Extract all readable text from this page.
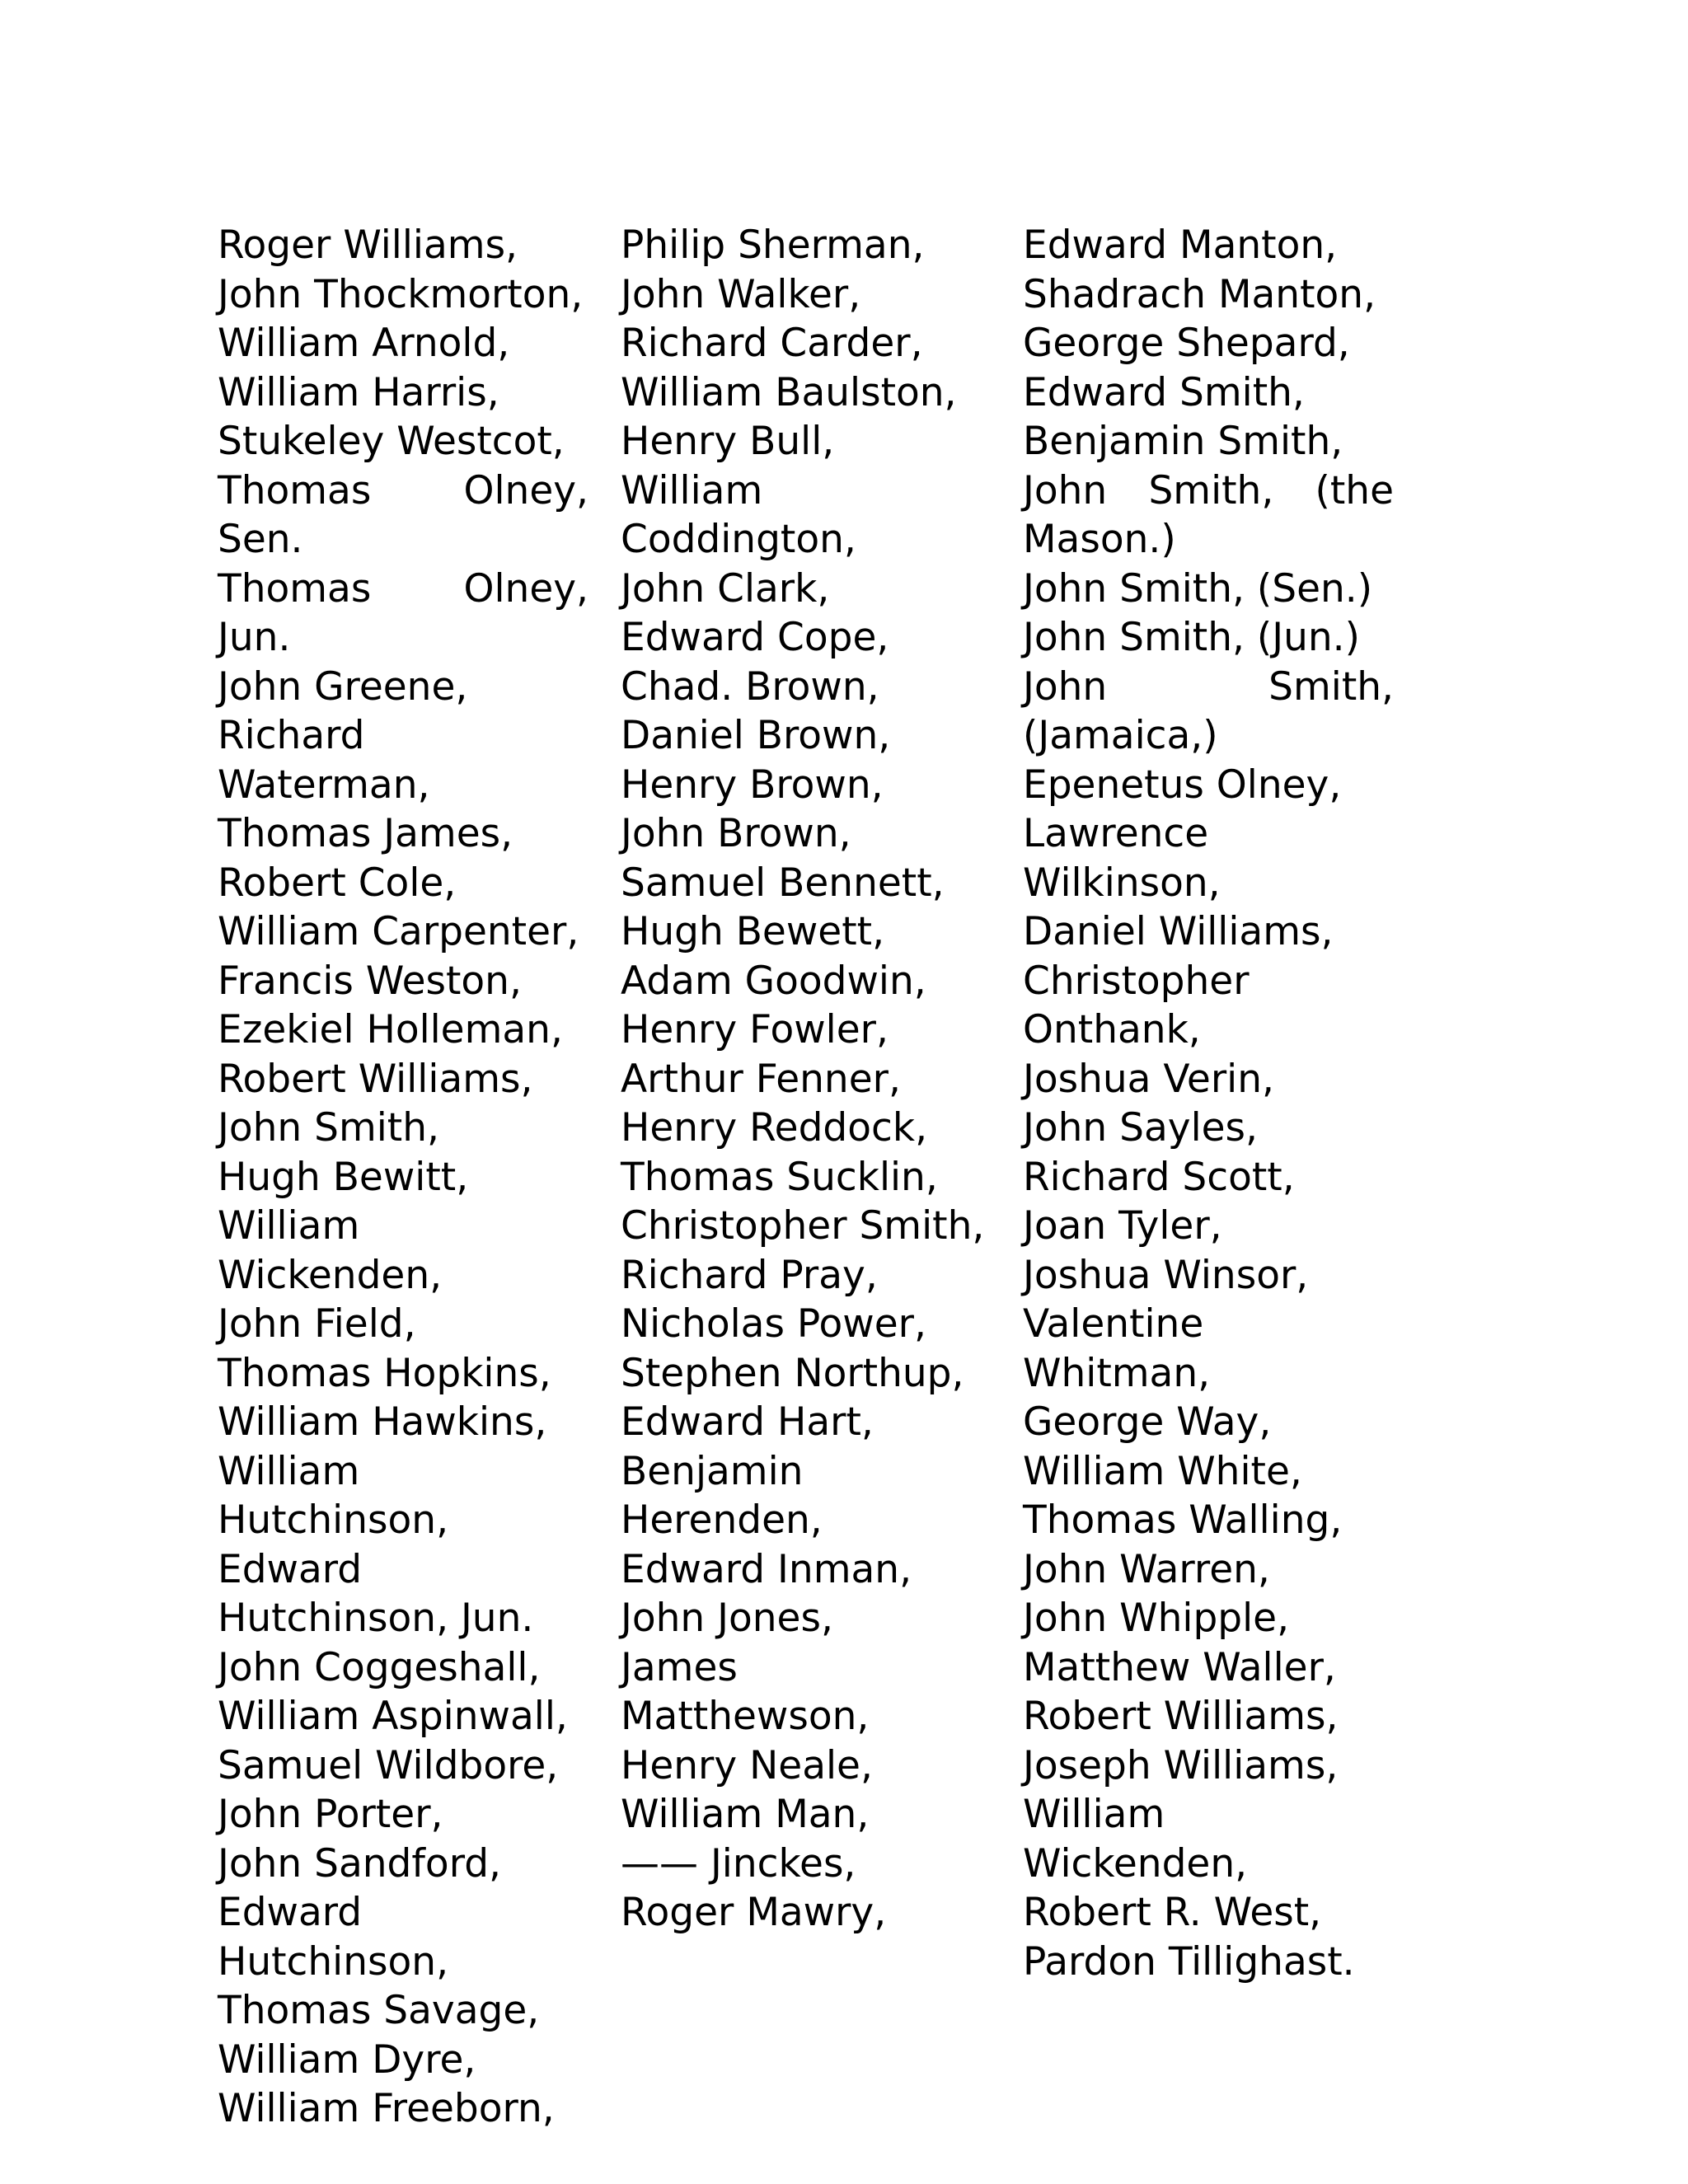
Roger Williams,
John Thockmorton,
William Arnold,
William Harris,
Stukeley Westcot,
Thomas Olney, Sen.
Thomas Olney, Jun.
John Greene,
Richard Waterman,
Thomas James,
Robert Cole,
William Carpenter,
Francis Weston,
Ezekiel Holleman,
Robert Williams,
John Smith,
Hugh Bewitt,
William Wickenden,
John Field,
Thomas Hopkins,
William Hawkins,
William Hutchinson,
Edward Hutchinson, Jun.
John Coggeshall,
William Aspinwall,
Samuel Wildbore,
John Porter,
John Sandford,
Edward Hutchinson,
Thomas Savage,
William Dyre,
William Freeborn,
Philip Sherman,
John Walker,
Richard Carder,
William Baulston,
Henry Bull,
William Coddington,
John Clark,
Edward Cope,
Chad. Brown,
Daniel Brown,
Henry Brown,
John Brown,
Samuel Bennett,
Hugh Bewett,
Adam Goodwin,
Henry Fowler,
Arthur Fenner,
Henry Reddock,
Thomas Sucklin,
Christopher Smith,
Richard Pray,
Nicholas Power,
Stephen Northup,
Edward Hart,
Benjamin Herenden,
Edward Inman,
John Jones,
James Matthewson,
Henry Neale,
William Man,
—— Jinckes,
Roger Mawry,
Edward Manton,
Shadrach Manton,
George Shepard,
Edward Smith,
Benjamin Smith,
John Smith, (the Mason.)
John Smith, (Sen.)
John Smith, (Jun.)
John Smith, (Jamaica,)
Epenetus Olney,
Lawrence Wilkinson,
Daniel Williams,
Christopher Onthank,
Joshua Verin,
John Sayles,
Richard Scott,
Joan Tyler,
Joshua Winsor,
Valentine Whitman,
George Way,
William White,
Thomas Walling,
John Warren,
John Whipple,
Matthew Waller,
Robert Williams,
Joseph Williams,
William Wickenden,
Robert R. West,
Pardon Tillighast.
